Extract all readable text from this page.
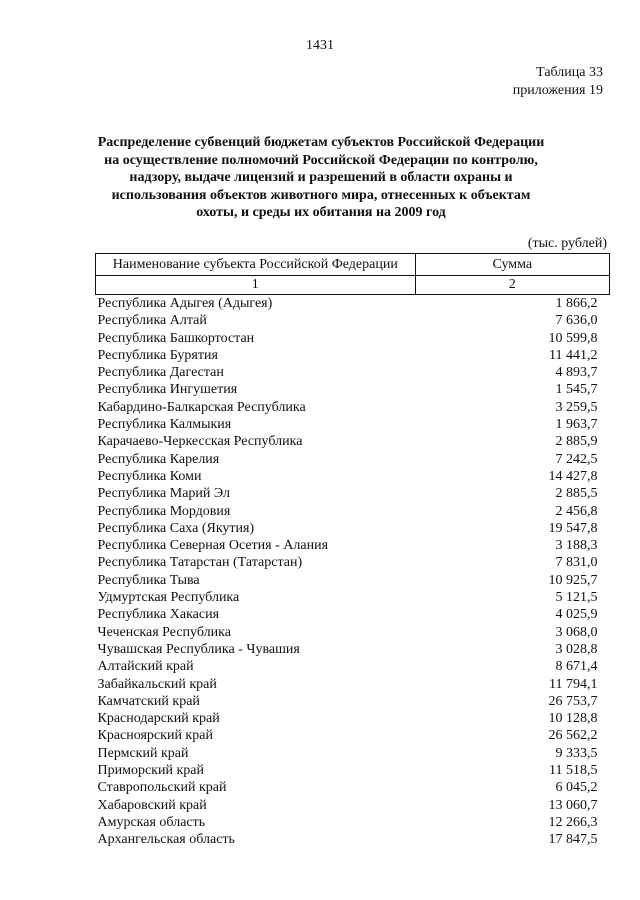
1431
Таблица 33
приложения 19
Распределение субвенций бюджетам субъектов Российской Федерации на осуществление полномочий Российской Федерации по контролю, надзору, выдаче лицензий и разрешений в области охраны и использования объектов животного мира, отнесенных к объектам охоты, и среды их обитания на 2009 год
(тыс. рублей)
Наименование субъекта Российской Федерации	Сумма
1	2
Республика Адыгея (Адыгея)	1 866,2
Республика Алтай	7 636,0
Республика Башкортостан	10 599,8
Республика Бурятия	11 441,2
Республика Дагестан	4 893,7
Республика Ингушетия	1 545,7
Кабардино-Балкарская Республика	3 259,5
Республика Калмыкия	1 963,7
Карачаево-Черкесская Республика	2 885,9
Республика Карелия	7 242,5
Республика Коми	14 427,8
Республика Марий Эл	2 885,5
Республика Мордовия	2 456,8
Республика Саха (Якутия)	19 547,8
Республика Северная Осетия - Алания	3 188,3
Республика Татарстан (Татарстан)	7 831,0
Республика Тыва	10 925,7
Удмуртская Республика	5 121,5
Республика Хакасия	4 025,9
Чеченская Республика	3 068,0
Чувашская Республика - Чувашия	3 028,8
Алтайский край	8 671,4
Забайкальский край	11 794,1
Камчатский край	26 753,7
Краснодарский край	10 128,8
Красноярский край	26 562,2
Пермский край	9 333,5
Приморский край	11 518,5
Ставропольский край	6 045,2
Хабаровский край	13 060,7
Амурская область	12 266,3
Архангельская область	17 847,5
